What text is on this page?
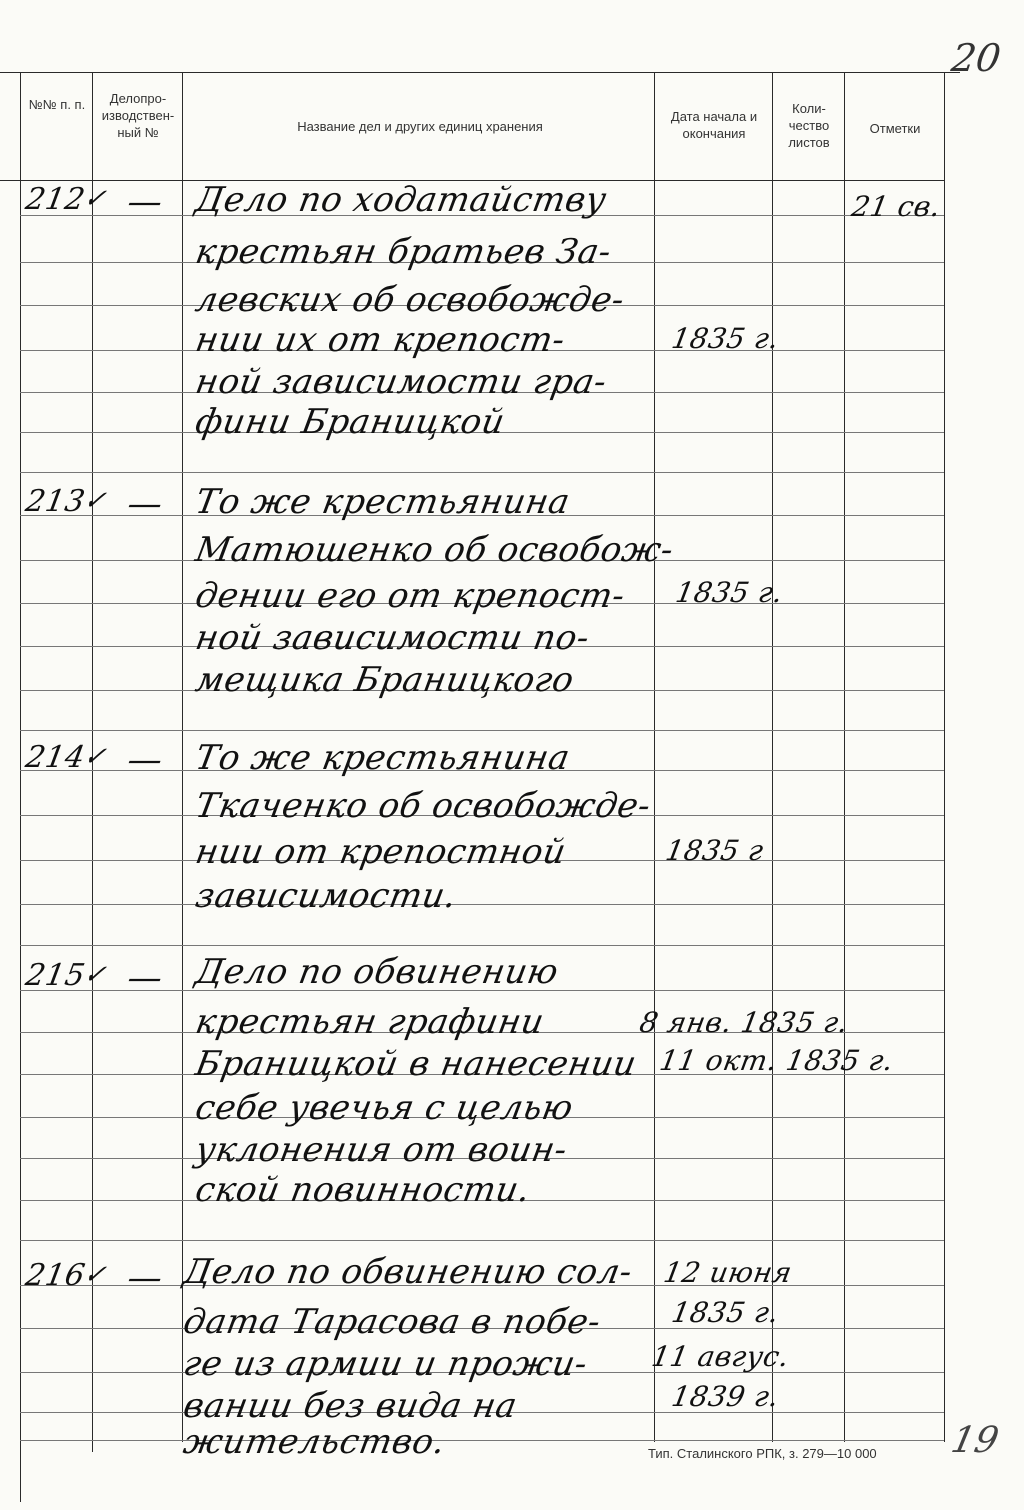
20
19
№№ п. п.	Делопро- изводствен- ный №	Название дел и других единиц хранения
Дата начала и окончания
Коли- чество листов
Отметки
212
✓ — Дело по ходатайству
крестьян братьев За-
левских об освобожде-
нии их от крепост-
ной зависимости гра-
фини Браницкой
1835 г.
21 св.
213
✓ — То же крестьянина
Матюшенко об освобож-
дении его от крепост-
ной зависимости по-
мещика Браницкого
1835 г.
214
✓ — То же крестьянина
Ткаченко об освобожде-
нии от крепостной
зависимости.
1835 г
215
✓ — Дело по обвинению
крестьян графини
Браницкой в нанесении
себе увечья с целью
уклонения от воин-
ской повинности.
8 янв. 1835 г.
11 окт. 1835 г.
216
✓ — Дело по обвинению сол-
дата Тарасова в побе-
ге из армии и прожи-
вании без вида на
жительство.
12 июня
1835 г.
11 авгус.
1839 г.
Тип. Сталинского РПК, з. 279—10 000
